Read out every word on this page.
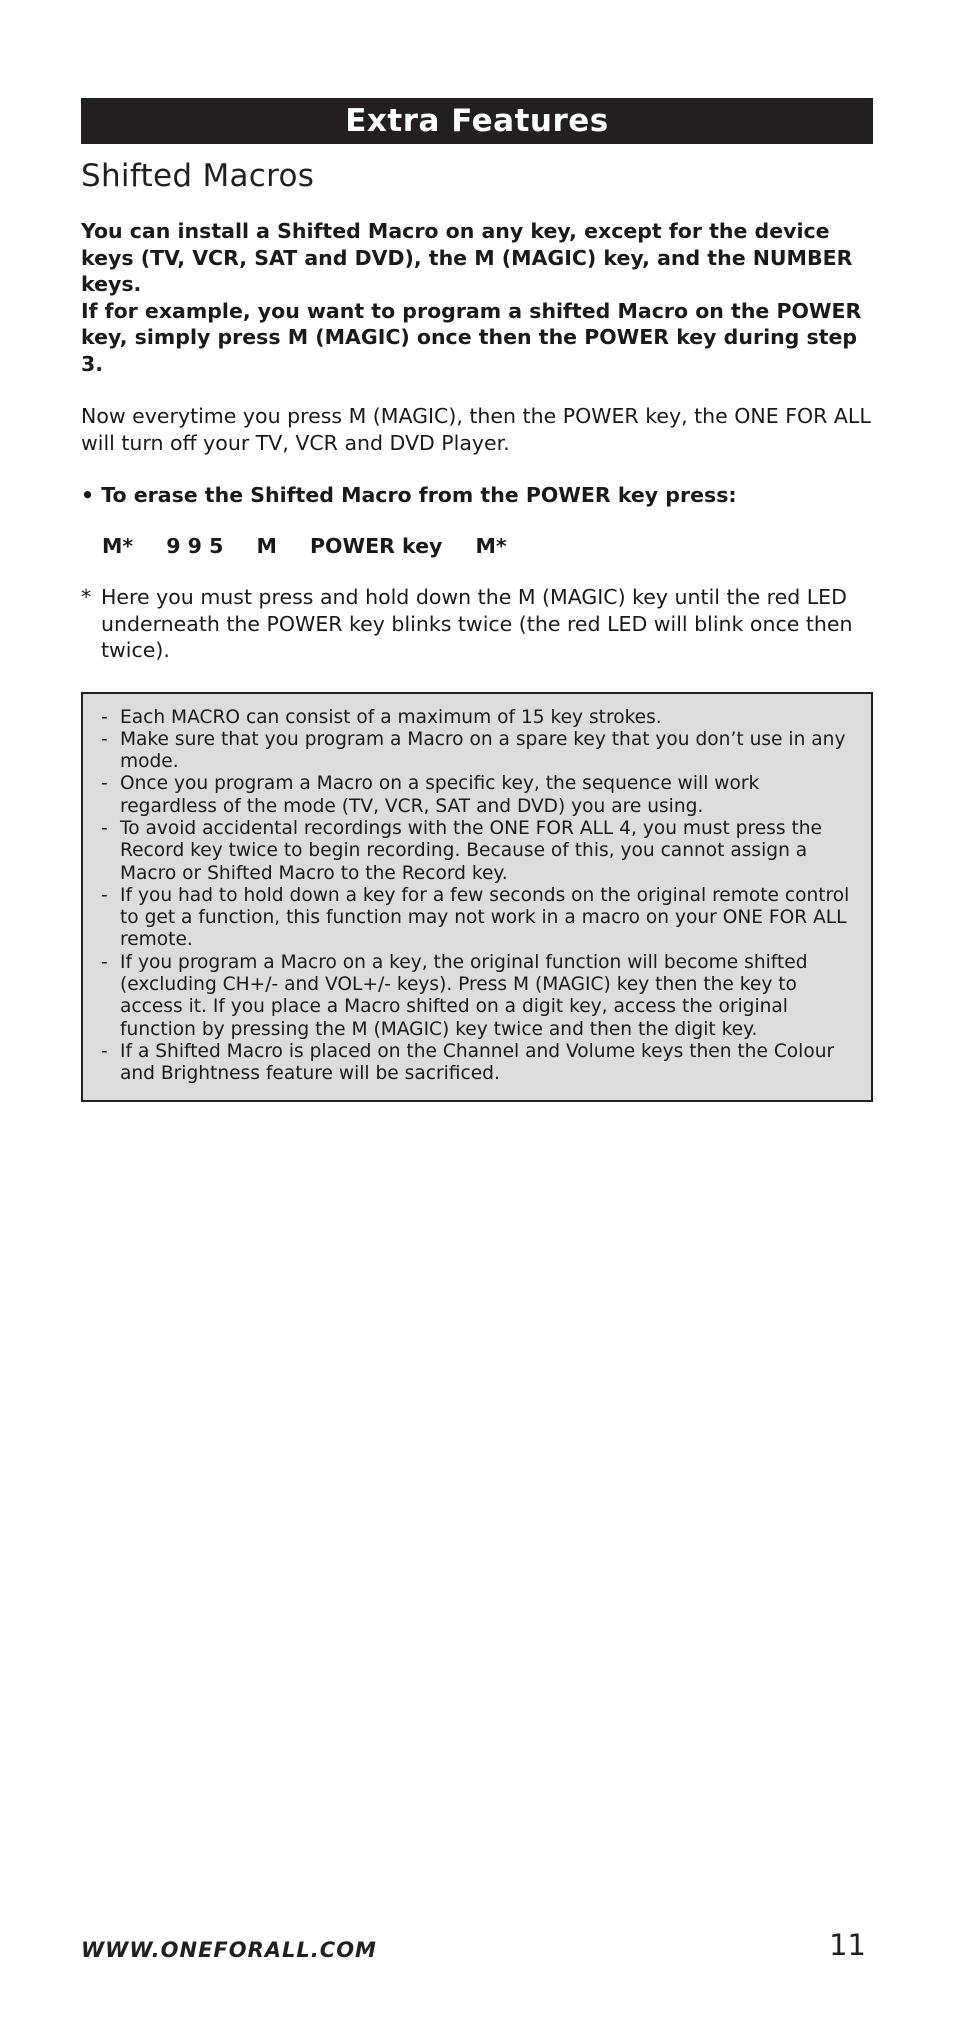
Extra Features
Shifted Macros

You can install a Shifted Macro on any key, except for the device keys (TV, VCR, SAT and DVD), the M (MAGIC) key, and the NUMBER keys.

If for example, you want to program a shifted Macro on the POWER key, simply press M (MAGIC) once then the POWER key during step 3.

Now everytime you press M (MAGIC), then the POWER key, the ONE FOR ALL will turn off your TV, VCR and DVD Player.
• To erase the Shifted Macro from the POWER key press:
M* 9 9 5 M POWER key M*
* Here you must press and hold down the M (MAGIC) key until the red LED underneath the POWER key blinks twice (the red LED will blink once then twice).
- Each MACRO can consist of a maximum of 15 key strokes.
- Make sure that you program a Macro on a spare key that you don’t use in any mode.
- Once you program a Macro on a specific key, the sequence will work regardless of the mode (TV, VCR, SAT and DVD) you are using.
- To avoid accidental recordings with the ONE FOR ALL 4, you must press the Record key twice to begin recording. Because of this, you cannot assign a Macro or Shifted Macro to the Record key.
- If you had to hold down a key for a few seconds on the original remote control to get a function, this function may not work in a macro on your ONE FOR ALL remote.
- If you program a Macro on a key, the original function will become shifted (excluding CH+/- and VOL+/- keys). Press M (MAGIC) key then the key to access it. If you place a Macro shifted on a digit key, access the original function by pressing the M (MAGIC) key twice and then the digit key.
- If a Shifted Macro is placed on the Channel and Volume keys then the Colour and Brightness feature will be sacrificed.
WWW.ONEFORALL.COM	11
